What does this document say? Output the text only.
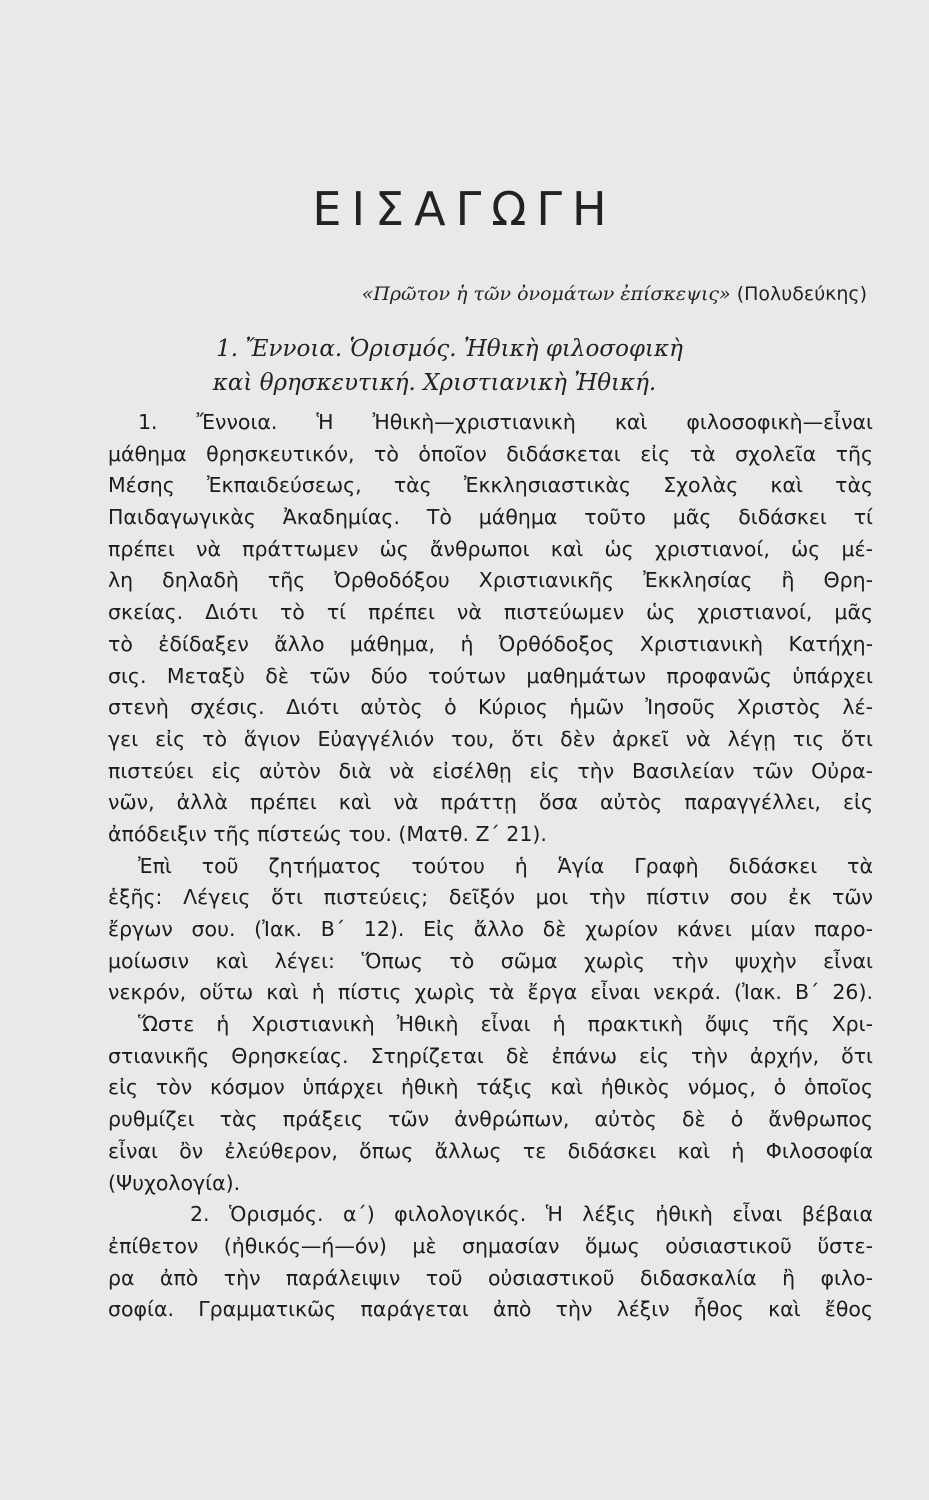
ΕΙΣΑΓΩΓΗ
«Πρῶτον ἡ τῶν ὀνομάτων ἐπίσκεψις» (Πολυδεύκης)
1. Ἔννοια. Ὁρισμός. Ἠθικὴ φιλοσοφικὴ
καὶ θρησκευτική. Χριστιανικὴ Ἠθική.
1. Ἔννοια. Ἡ Ἠθικὴ—χριστιανικὴ καὶ φιλοσοφικὴ—εἶναι
μάθημα θρησκευτικόν, τὸ ὁποῖον διδάσκεται εἰς τὰ σχολεῖα τῆς
Μέσης Ἐκπαιδεύσεως, τὰς Ἐκκλησιαστικὰς Σχολὰς καὶ τὰς
Παιδαγωγικὰς Ἀκαδημίας. Τὸ μάθημα τοῦτο μᾶς διδάσκει τί
πρέπει νὰ πράττωμεν ὡς ἄνθρωποι καὶ ὡς χριστιανοί, ὡς μέ-
λη δηλαδὴ τῆς Ὀρθοδόξου Χριστιανικῆς Ἐκκλησίας ἢ Θρη-
σκείας. Διότι τὸ τί πρέπει νὰ πιστεύωμεν ὡς χριστιανοί, μᾶς
τὸ ἐδίδαξεν ἄλλο μάθημα, ἡ Ὀρθόδοξος Χριστιανικὴ Κατήχη-
σις. Μεταξὺ δὲ τῶν δύο τούτων μαθημάτων προφανῶς ὑπάρχει
στενὴ σχέσις. Διότι αὐτὸς ὁ Κύριος ἡμῶν Ἰησοῦς Χριστὸς λέ-
γει εἰς τὸ ἅγιον Εὐαγγέλιόν του, ὅτι δὲν ἀρκεῖ νὰ λέγῃ τις ὅτι
πιστεύει εἰς αὐτὸν διὰ νὰ εἰσέλθῃ εἰς τὴν Βασιλείαν τῶν Οὐρα-
νῶν, ἀλλὰ πρέπει καὶ νὰ πράττῃ ὅσα αὐτὸς παραγγέλλει, εἰς
ἀπόδειξιν τῆς πίστεώς του. (Ματθ. Ζ΄ 21).
Ἐπὶ τοῦ ζητήματος τούτου ἡ Ἁγία Γραφὴ διδάσκει τὰ
ἑξῆς: Λέγεις ὅτι πιστεύεις; δεῖξόν μοι τὴν πίστιν σου ἐκ τῶν
ἔργων σου. (Ἰακ. Β΄ 12). Εἰς ἄλλο δὲ χωρίον κάνει μίαν παρο-
μοίωσιν καὶ λέγει: Ὅπως τὸ σῶμα χωρὶς τὴν ψυχὴν εἶναι
νεκρόν, οὕτω καὶ ἡ πίστις χωρὶς τὰ ἔργα εἶναι νεκρά. (Ἰακ. Β΄ 26).
Ὥστε ἡ Χριστιανικὴ Ἠθικὴ εἶναι ἡ πρακτικὴ ὄψις τῆς Χρι-
στιανικῆς Θρησκείας. Στηρίζεται δὲ ἐπάνω εἰς τὴν ἀρχήν, ὅτι
εἰς τὸν κόσμον ὑπάρχει ἠθικὴ τάξις καὶ ἠθικὸς νόμος, ὁ ὁποῖος
ρυθμίζει τὰς πράξεις τῶν ἀνθρώπων, αὐτὸς δὲ ὁ ἄνθρωπος
εἶναι ὂν ἐλεύθερον, ὅπως ἄλλως τε διδάσκει καὶ ἡ Φιλοσοφία
(Ψυχολογία).
2. Ὁρισμός. α΄) φιλολογικός. Ἡ λέξις ἠθικὴ εἶναι βέβαια
ἐπίθετον (ἠθικός—ή—όν) μὲ σημασίαν ὅμως οὐσιαστικοῦ ὕστε-
ρα ἀπὸ τὴν παράλειψιν τοῦ οὐσιαστικοῦ διδασκαλία ἢ φιλο-
σοφία. Γραμματικῶς παράγεται ἀπὸ τὴν λέξιν ἦθος καὶ ἔθος
